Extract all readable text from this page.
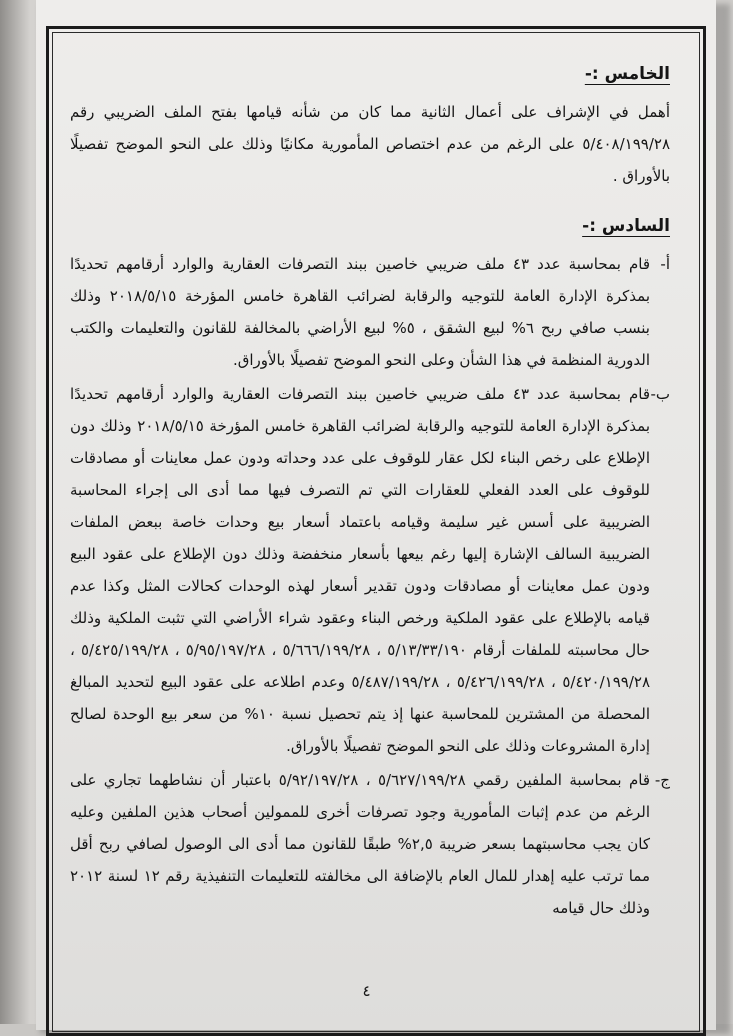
الخامس :-

أهمل في الإشراف على أعمال الثانية مما كان من شأنه قيامها بفتح الملف الضريبي رقم ٥/٤٠٨/١٩٩/٢٨ على الرغم من عدم اختصاص المأمورية مكانيًا وذلك على النحو الموضح تفصيلًا بالأوراق .

السادس :-
أ-
قام بمحاسبة عدد ٤٣ ملف ضريبي خاصين ببند التصرفات العقارية والوارد أرقامهم تحديدًا بمذكرة الإدارة العامة للتوجيه والرقابة لضرائب القاهرة خامس المؤرخة ٢٠١٨/٥/١٥ وذلك بنسب صافي ربح ٦% لبيع الشقق ، ٥% لبيع الأراضي بالمخالفة للقانون والتعليمات والكتب الدورية المنظمة في هذا الشأن وعلى النحو الموضح تفصيلًا بالأوراق.
ب-
قام بمحاسبة عدد ٤٣ ملف ضريبي خاصين ببند التصرفات العقارية والوارد أرقامهم تحديدًا بمذكرة الإدارة العامة للتوجيه والرقابة لضرائب القاهرة خامس المؤرخة ٢٠١٨/٥/١٥ وذلك دون الإطلاع على رخص البناء لكل عقار للوقوف على عدد وحداته ودون عمل معاينات أو مصادقات للوقوف على العدد الفعلي للعقارات التي تم التصرف فيها مما أدى الى إجراء المحاسبة الضريبية على أسس غير سليمة وقيامه باعتماد أسعار بيع وحدات خاصة ببعض الملفات الضريبية السالف الإشارة إليها رغم بيعها بأسعار منخفضة وذلك دون الإطلاع على عقود البيع ودون عمل معاينات أو مصادقات ودون تقدير أسعار لهذه الوحدات كحالات المثل وكذا عدم قيامه بالإطلاع على عقود الملكية ورخص البناء وعقود شراء الأراضي التي تثبت الملكية وذلك حال محاسبته للملفات أرقام ٥/١٣/٣٣/١٩٠ ، ٥/٦٦٦/١٩٩/٢٨ ، ٥/٩٥/١٩٧/٢٨ ، ٥/٤٢٥/١٩٩/٢٨ ، ٥/٤٢٠/١٩٩/٢٨ ، ٥/٤٢٦/١٩٩/٢٨ ، ٥/٤٨٧/١٩٩/٢٨ وعدم اطلاعه على عقود البيع لتحديد المبالغ المحصلة من المشترين للمحاسبة عنها إذ يتم تحصيل نسبة ١٠% من سعر بيع الوحدة لصالح إدارة المشروعات وذلك على النحو الموضح تفصيلًا بالأوراق.
ج-
قام بمحاسبة الملفين رقمي ٥/٦٢٧/١٩٩/٢٨ ، ٥/٩٢/١٩٧/٢٨ باعتبار أن نشاطهما تجاري على الرغم من عدم إثبات المأمورية وجود تصرفات أخرى للممولين أصحاب هذين الملفين وعليه كان يجب محاسبتهما بسعر ضريبة ٢,٥% طبقًا للقانون مما أدى الى الوصول لصافي ربح أقل مما ترتب عليه إهدار للمال العام بالإضافة الى مخالفته للتعليمات التنفيذية رقم ١٢ لسنة ٢٠١٢ وذلك حال قيامه
٤
